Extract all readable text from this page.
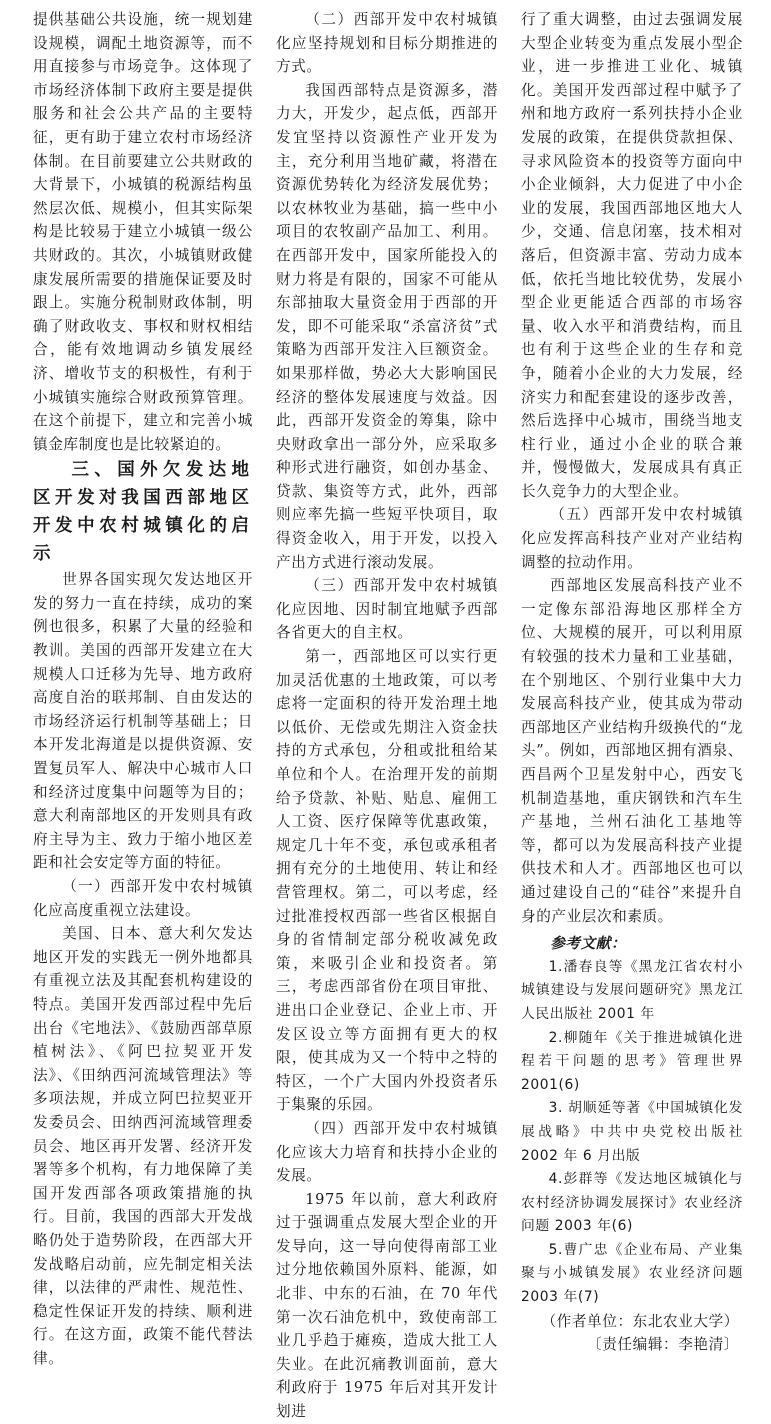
提供基础公共设施，统一规划建设规模，调配土地资源等，而不用直接参与市场竞争。这体现了市场经济体制下政府主要是提供服务和社会公共产品的主要特征，更有助于建立农村市场经济体制。在目前要建立公共财政的大背景下，小城镇的税源结构虽然层次低、规模小，但其实际架构是比较易于建立小城镇一级公共财政的。其次，小城镇财政健康发展所需要的措施保证要及时跟上。实施分税制财政体制，明确了财政收支、事权和财权相结合，能有效地调动乡镇发展经济、增收节支的积极性，有利于小城镇实施综合财政预算管理。在这个前提下，建立和完善小城镇金库制度也是比较紧迫的。

三、国外欠发达地区开发对我国西部地区开发中农村城镇化的启示

世界各国实现欠发达地区开发的努力一直在持续，成功的案例也很多，积累了大量的经验和教训。美国的西部开发建立在大规模人口迁移为先导、地方政府高度自治的联邦制、自由发达的市场经济运行机制等基础上；日本开发北海道是以提供资源、安置复员军人、解决中心城市人口和经济过度集中问题等为目的；意大利南部地区的开发则具有政府主导为主、致力于缩小地区差距和社会安定等方面的特征。

（一）西部开发中农村城镇化应高度重视立法建设。

美国、日本、意大利欠发达地区开发的实践无一例外地都具有重视立法及其配套机构建设的特点。美国开发西部过程中先后出台《宅地法》、《鼓励西部草原植树法》、《阿巴拉契亚开发法》、《田纳西河流域管理法》等多项法规，并成立阿巴拉契亚开发委员会、田纳西河流域管理委员会、地区再开发署、经济开发署等多个机构，有力地保障了美国开发西部各项政策措施的执行。目前，我国的西部大开发战略仍处于造势阶段，在西部大开发战略启动前，应先制定相关法律，以法律的严肃性、规范性、稳定性保证开发的持续、顺利进行。在这方面，政策不能代替法律。

（二）西部开发中农村城镇化应坚持规划和目标分期推进的方式。

我国西部特点是资源多，潜力大，开发少，起点低，西部开发宜坚持以资源性产业开发为主，充分利用当地矿藏，将潜在资源优势转化为经济发展优势；以农林牧业为基础，搞一些中小项目的农牧副产品加工、利用。在西部开发中，国家所能投入的财力将是有限的，国家不可能从东部抽取大量资金用于西部的开发，即不可能采取“杀富济贫”式策略为西部开发注入巨额资金。如果那样做，势必大大影响国民经济的整体发展速度与效益。因此，西部开发资金的筹集，除中央财政拿出一部分外，应采取多种形式进行融资，如创办基金、贷款、集资等方式，此外，西部则应率先搞一些短平快项目，取得资金收入，用于开发，以投入产出方式进行滚动发展。

（三）西部开发中农村城镇化应因地、因时制宜地赋予西部各省更大的自主权。

第一，西部地区可以实行更加灵活优惠的土地政策，可以考虑将一定面积的待开发治理土地以低价、无偿或先期注入资金扶持的方式承包，分租或批租给某单位和个人。在治理开发的前期给予贷款、补贴、贴息、雇佣工人工资、医疗保障等优惠政策，规定几十年不变，承包或承租者拥有充分的土地使用、转让和经营管理权。第二，可以考虑，经过批准授权西部一些省区根据自身的省情制定部分税收减免政策，来吸引企业和投资者。第三，考虑西部省份在项目审批、进出口企业登记、企业上市、开发区设立等方面拥有更大的权限，使其成为又一个特中之特的特区，一个广大国内外投资者乐于集聚的乐园。

（四）西部开发中农村城镇化应该大力培育和扶持小企业的发展。

1975 年以前，意大利政府过于强调重点发展大型企业的开发导向，这一导向使得南部工业过分地依赖国外原料、能源，如北非、中东的石油，在 70 年代第一次石油危机中，致使南部工业几乎趋于瘫痪，造成大批工人失业。在此沉痛教训面前，意大利政府于 1975 年后对其开发计划进

行了重大调整，由过去强调发展大型企业转变为重点发展小型企业，进一步推进工业化、城镇化。美国开发西部过程中赋予了州和地方政府一系列扶持小企业发展的政策，在提供贷款担保、寻求风险资本的投资等方面向中小企业倾斜，大力促进了中小企业的发展，我国西部地区地大人少，交通、信息闭塞，技术相对落后，但资源丰富、劳动力成本低，依托当地比较优势，发展小型企业更能适合西部的市场容量、收入水平和消费结构，而且也有利于这些企业的生存和竞争，随着小企业的大力发展，经济实力和配套建设的逐步改善，然后选择中心城市，围绕当地支柱行业，通过小企业的联合兼并，慢慢做大，发展成具有真正长久竞争力的大型企业。

（五）西部开发中农村城镇化应发挥高科技产业对产业结构调整的拉动作用。

西部地区发展高科技产业不一定像东部沿海地区那样全方位、大规模的展开，可以利用原有较强的技术力量和工业基础，在个别地区、个别行业集中大力发展高科技产业，使其成为带动西部地区产业结构升级换代的“龙头”。例如，西部地区拥有酒泉、西昌两个卫星发射中心，西安飞机制造基地，重庆钢铁和汽车生产基地，兰州石油化工基地等等，都可以为发展高科技产业提供技术和人才。西部地区也可以通过建设自己的“硅谷”来提升自身的产业层次和素质。

参考文献：

1.潘春良等《黑龙江省农村小城镇建设与发展问题研究》黑龙江人民出版社 2001 年

2.柳随年《关于推进城镇化进程若干问题的思考》管理世界 2001(6)

3. 胡顺延等著《中国城镇化发展战略》中共中央党校出版社 2002 年 6 月出版

4.彭群等《发达地区城镇化与农村经济协调发展探讨》农业经济问题 2003 年(6)

5.曹广忠《企业布局、产业集聚与小城镇发展》农业经济问题 2003 年(7)

（作者单位：东北农业大学）

〔责任编辑：李艳清〕
